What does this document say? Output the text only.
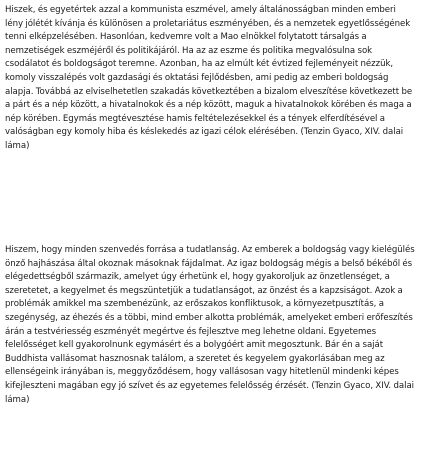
Hiszek, és egyetértek azzal a kommunista eszmével, amely általánosságban minden emberi lény jólétét kívánja és különösen a proletariátus eszményében, és a nemzetek egyetlősségének tenni elképzelésében. Hasonlóan, kedvemre volt a Mao elnökkel folytatott társalgás a nemzetiségek eszméjéről és politikájáról. Ha az az eszme és politika megvalósulna sok csodálatot és boldogságot teremne. Azonban, ha az elmúlt két évtized fejleményeit nézzük, komoly visszalépés volt gazdasági és oktatási fejlődésben, ami pedig az emberi boldogság alapja. Továbbá az elviselhetetlen szakadás következtében a bizalom elveszítése következett be a párt és a nép között, a hivatalnokok és a nép között, maguk a hivatalnokok körében és maga a nép körében. Egymás megtévesztése hamis feltételezésekkel és a tények elferdítésével a valóságban egy komoly hiba és késlekedés az igazi célok elérésében. (Tenzin Gyaco, XIV. dalai láma)

Hiszem, hogy minden szenvedés forrása a tudatlanság. Az emberek a boldogság vagy kielégülés önző hajhászása által okoznak másoknak fájdalmat. Az igaz boldogság mégis a belső békéből és elégedettségből származik, amelyet úgy érhetünk el, hogy gyakoroljuk az önzetlenséget, a szeretetet, a kegyelmet és megszüntetjük a tudatlanságot, az önzést és a kapzsiságot. Azok a problémák amikkel ma szembenézünk, az erőszakos konfliktusok, a környezetpusztítás, a szegénység, az éhezés és a többi, mind ember alkotta problémák, amelyeket emberi erőfeszítés árán a testvériesség eszményét megértve és fejlesztve meg lehetne oldani. Egyetemes felelősséget kell gyakorolnunk egymásért és a bolygóért amit megosztunk. Bár én a saját Buddhista vallásomat hasznosnak találom, a szeretet és kegyelem gyakorlásában meg az ellenségeink irányában is, meggyőződésem, hogy vallásosan vagy hitetlenül mindenki képes kifejleszteni magában egy jó szívet és az egyetemes felelősség érzését. (Tenzin Gyaco, XIV. dalai láma)
